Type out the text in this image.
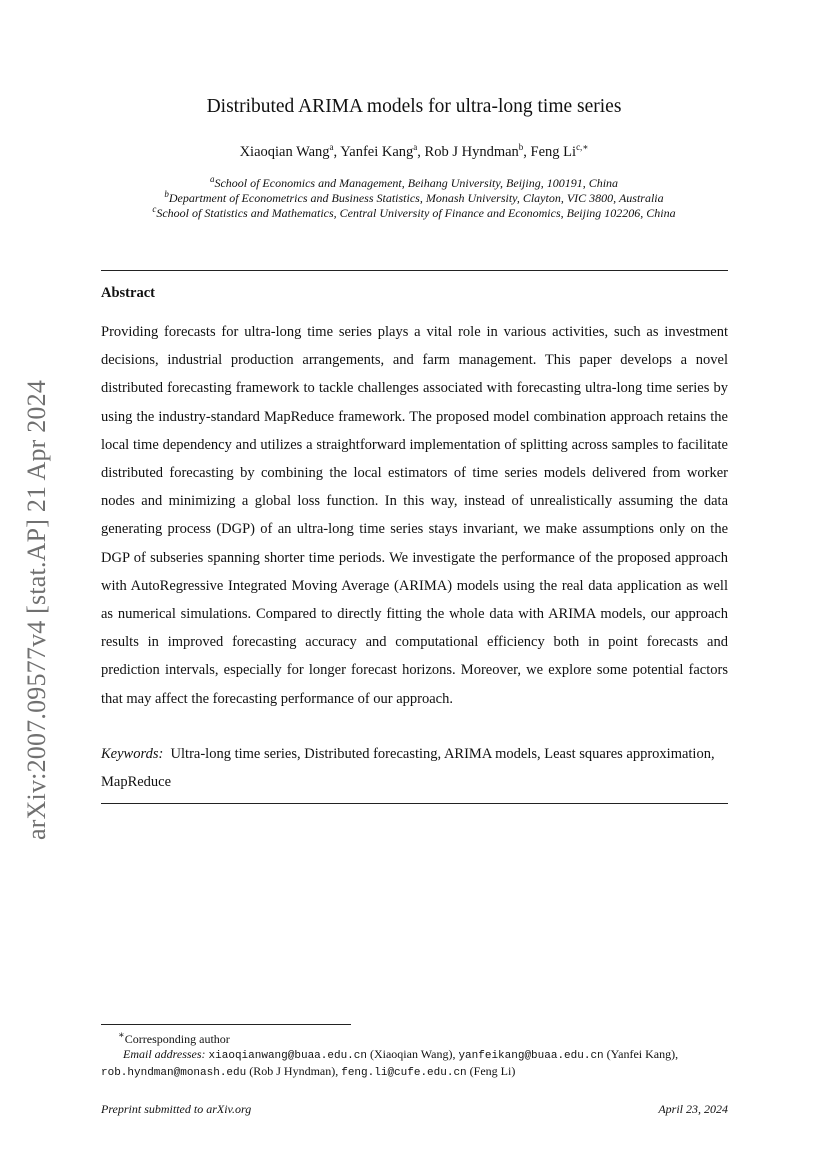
arXiv:2007.09577v4 [stat.AP] 21 Apr 2024
Distributed ARIMA models for ultra-long time series
Xiaoqian Wang$^a$, Yanfei Kang$^a$, Rob J Hyndman$^b$, Feng $Li^{c,∗}$
$^a$School of Economics and Management, Beihang University, Beijing, 100191, China
$^b$Department of Econometrics and Business Statistics, Monash University, Clayton, VIC 3800, Australia
$^c$School of Statistics and Mathematics, Central University of Finance and Economics, Beijing 102206, China
Abstract

Providing forecasts for ultra-long time series plays a vital role in various activities, such as investment decisions, industrial production arrangements, and farm management. This paper develops a novel distributed forecasting framework to tackle challenges associated with forecasting ultra-long time series by using the industry-standard MapReduce framework. The proposed model combination approach retains the local time dependency and utilizes a straightforward implementation of splitting across samples to facilitate distributed forecasting by combining the local estimators of time series models delivered from worker nodes and minimizing a global loss function. In this way, instead of unrealistically assuming the data generating process (DGP) of an ultra-long time series stays invariant, we make assumptions only on the DGP of subseries spanning shorter time periods. We investigate the performance of the proposed approach with AutoRegressive Integrated Moving Average (ARIMA) models using the real data application as well as numerical simulations. Compared to directly fitting the whole data with ARIMA models, our approach results in improved forecasting accuracy and computational efficiency both in point forecasts and prediction intervals, especially for longer forecast horizons. Moreover, we explore some potential factors that may affect the forecasting performance of our approach.

Keywords: Ultra-long time series, Distributed forecasting, ARIMA models, Least squares approximation, MapReduce

∗Corresponding author
Email addresses: xiaoqianwang@buaa.edu.cn (Xiaoqian Wang), yanfeikang@buaa.edu.cn (Yanfei Kang),
rob.hyndman@monash.edu (Rob J Hyndman), feng.li@cufe.edu.cn (Feng Li)
Preprint submitted to arXiv.org	April 23, 2024
